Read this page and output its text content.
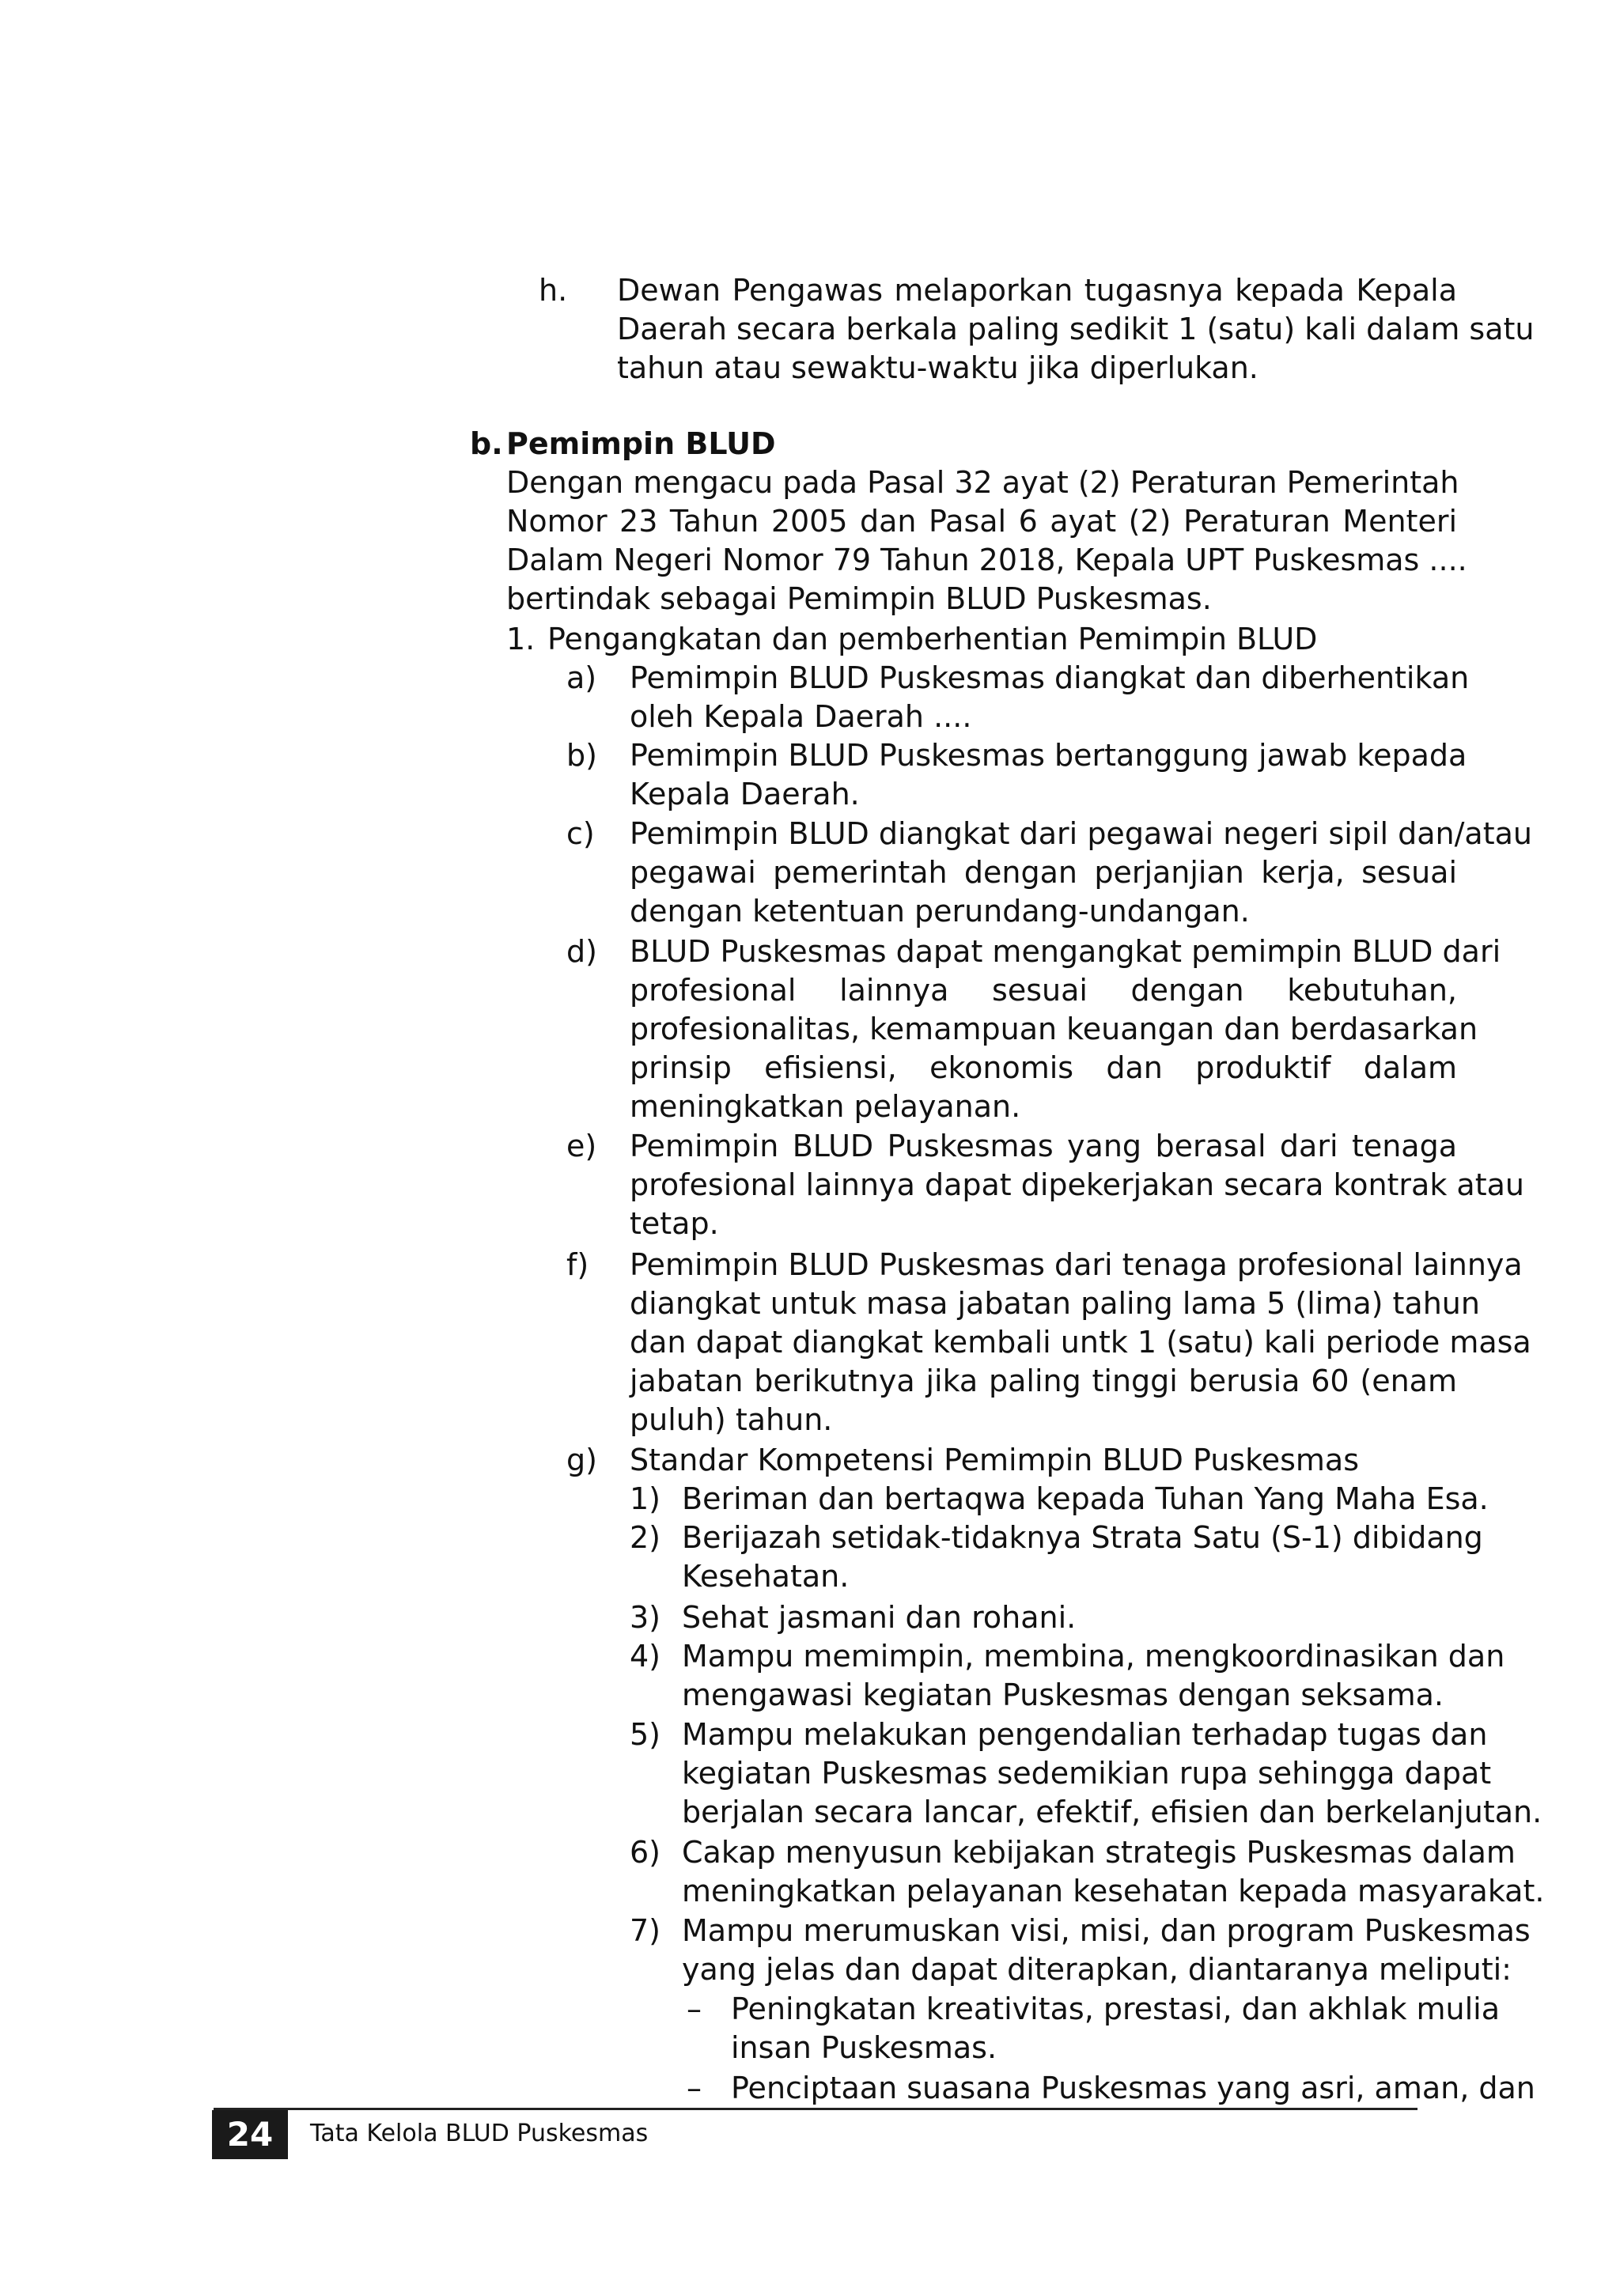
h. Dewan Pengawas melaporkan tugasnya kepada Kepala
Daerah secara berkala paling sedikit 1 (satu) kali dalam satu
tahun atau sewaktu-waktu jika diperlukan.
b. Pemimpin BLUD
Dengan mengacu pada Pasal 32 ayat (2) Peraturan Pemerintah
Nomor 23 Tahun 2005 dan Pasal 6 ayat (2) Peraturan Menteri
Dalam Negeri Nomor 79 Tahun 2018, Kepala UPT Puskesmas ....
bertindak sebagai Pemimpin BLUD Puskesmas.
1. Pengangkatan dan pemberhentian Pemimpin BLUD
a) Pemimpin BLUD Puskesmas diangkat dan diberhentikan
oleh Kepala Daerah ....
b) Pemimpin BLUD Puskesmas bertanggung jawab kepada
Kepala Daerah.
c) Pemimpin BLUD diangkat dari pegawai negeri sipil dan/atau
pegawai pemerintah dengan perjanjian kerja, sesuai
dengan ketentuan perundang-undangan.
d) BLUD Puskesmas dapat mengangkat pemimpin BLUD dari
profesional lainnya sesuai dengan kebutuhan,
profesionalitas, kemampuan keuangan dan berdasarkan
prinsip efisiensi, ekonomis dan produktif dalam
meningkatkan pelayanan.
e) Pemimpin BLUD Puskesmas yang berasal dari tenaga
profesional lainnya dapat dipekerjakan secara kontrak atau
tetap.
f) Pemimpin BLUD Puskesmas dari tenaga profesional lainnya
diangkat untuk masa jabatan paling lama 5 (lima) tahun
dan dapat diangkat kembali untk 1 (satu) kali periode masa
jabatan berikutnya jika paling tinggi berusia 60 (enam
puluh) tahun.
g) Standar Kompetensi Pemimpin BLUD Puskesmas
1) Beriman dan bertaqwa kepada Tuhan Yang Maha Esa.
2) Berijazah setidak-tidaknya Strata Satu (S-1) dibidang
Kesehatan.
3) Sehat jasmani dan rohani.
4) Mampu memimpin, membina, mengkoordinasikan dan
mengawasi kegiatan Puskesmas dengan seksama.
5) Mampu melakukan pengendalian terhadap tugas dan
kegiatan Puskesmas sedemikian rupa sehingga dapat
berjalan secara lancar, efektif, efisien dan berkelanjutan.
6) Cakap menyusun kebijakan strategis Puskesmas dalam
meningkatkan pelayanan kesehatan kepada masyarakat.
7) Mampu merumuskan visi, misi, dan program Puskesmas
yang jelas dan dapat diterapkan, diantaranya meliputi:
– Peningkatan kreativitas, prestasi, dan akhlak mulia
insan Puskesmas.
– Penciptaan suasana Puskesmas yang asri, aman, dan
24	Tata Kelola BLUD Puskesmas
